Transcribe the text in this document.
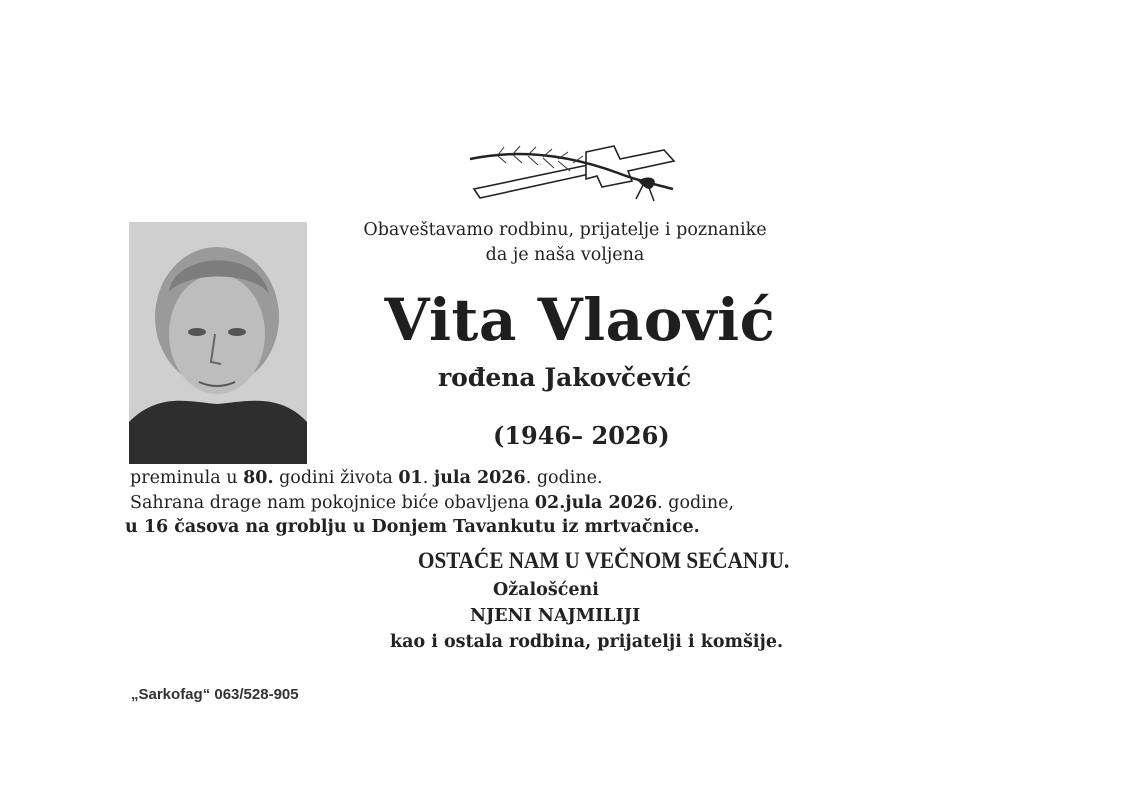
Obaveštavamo rodbinu, prijatelje i poznanike
da je naša voljena
Vita Vlaović
rođena Jakovčević
(1946– 2026)
preminula u 80. godini života 01. jula 2026. godine.
Sahrana drage nam pokojnice biće obavljena 02.jula 2026. godine,
u 16 časova na groblju u Donjem Tavankutu iz mrtvačnice.
OSTAĆE NAM U VEČNOM SEĆANJU.
Ožalošćeni
NJENI NAJMILIJI
kao i ostala rodbina, prijatelji i komšije.
„Sarkofag“ 063/528-905
